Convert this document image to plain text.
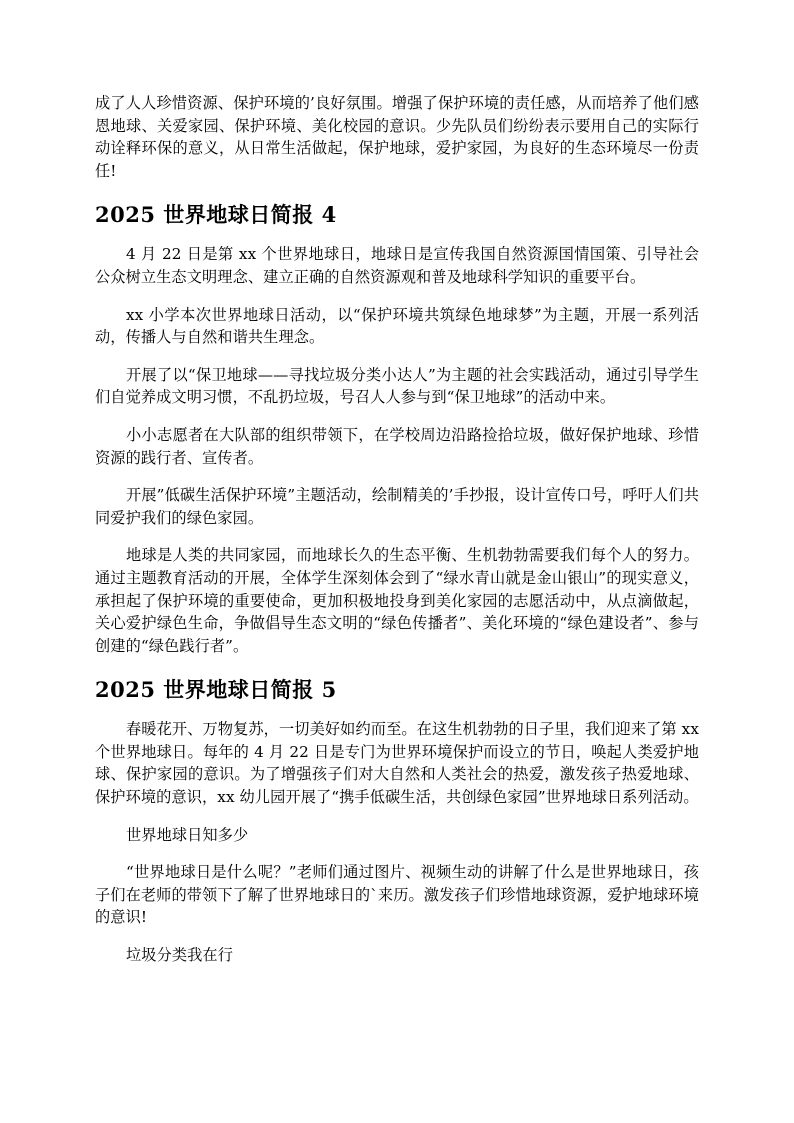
成了人人珍惜资源、保护环境的’良好氛围。增强了保护环境的责任感，从而培养了他们感恩地球、关爱家园、保护环境、美化校园的意识。少先队员们纷纷表示要用自己的实际行动诠释环保的意义，从日常生活做起，保护地球，爱护家园，为良好的生态环境尽一份责任!

2025 世界地球日简报 4

4 月 22 日是第 xx 个世界地球日，地球日是宣传我国自然资源国情国策、引导社会公众树立生态文明理念、建立正确的自然资源观和普及地球科学知识的重要平台。

xx 小学本次世界地球日活动，以“保护环境共筑绿色地球梦”为主题，开展一系列活动，传播人与自然和谐共生理念。

开展了以“保卫地球——寻找垃圾分类小达人”为主题的社会实践活动，通过引导学生们自觉养成文明习惯，不乱扔垃圾，号召人人参与到“保卫地球”的活动中来。

小小志愿者在大队部的组织带领下，在学校周边沿路捡拾垃圾，做好保护地球、珍惜资源的践行者、宣传者。

开展”低碳生活保护环境”主题活动，绘制精美的’手抄报，设计宣传口号，呼吁人们共同爱护我们的绿色家园。

地球是人类的共同家园，而地球长久的生态平衡、生机勃勃需要我们每个人的努力。通过主题教育活动的开展，全体学生深刻体会到了“绿水青山就是金山银山”的现实意义，承担起了保护环境的重要使命，更加积极地投身到美化家园的志愿活动中，从点滴做起，关心爱护绿色生命，争做倡导生态文明的“绿色传播者”、美化环境的“绿色建设者”、参与创建的“绿色践行者”。

2025 世界地球日简报 5

春暖花开、万物复苏，一切美好如约而至。在这生机勃勃的日子里，我们迎来了第 xx 个世界地球日。每年的 4 月 22 日是专门为世界环境保护而设立的节日，唤起人类爱护地球、保护家园的意识。为了增强孩子们对大自然和人类社会的热爱，激发孩子热爱地球、保护环境的意识，xx 幼儿园开展了“携手低碳生活，共创绿色家园”世界地球日系列活动。

世界地球日知多少

“世界地球日是什么呢？”老师们通过图片、视频生动的讲解了什么是世界地球日，孩子们在老师的带领下了解了世界地球日的`来历。激发孩子们珍惜地球资源，爱护地球环境的意识!

垃圾分类我在行
